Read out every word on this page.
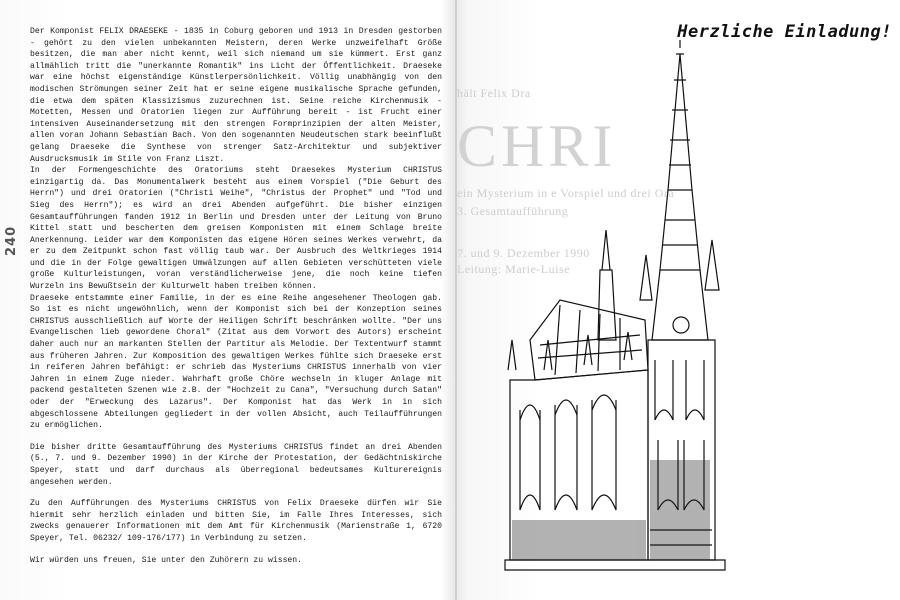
Der Komponist FELIX DRAESEKE - 1835 in Coburg geboren und 1913 in Dresden gestorben - gehört zu den vielen unbekannten Meistern, deren Werke unzweifelhaft Größe besitzen, die man aber nicht kennt, weil sich niemand um sie kümmert. Erst ganz allmählich tritt die "unerkannte Romantik" ins Licht der Öffentlichkeit. Draeseke war eine höchst eigenständige Künstlerpersönlichkeit. Völlig unabhängig von den modischen Strömungen seiner Zeit hat er seine eigene musikalische Sprache gefunden, die etwa dem späten Klassizismus zuzurechnen ist. Seine reiche Kirchenmusik - Motetten, Messen und Oratorien liegen zur Aufführung bereit - ist Frucht einer intensiven Auseinandersetzung mit den strengen Formprinzipien der alten Meister, allen voran Johann Sebastian Bach. Von den sogenannten Neudeutschen stark beeinflußt gelang Draeseke die Synthese von strenger Satz-Architektur und subjektiver Ausdrucksmusik im Stile von Franz Liszt.

In der Formengeschichte des Oratoriums steht Draesekes Mysterium CHRISTUS einzigartig da. Das Monumentalwerk besteht aus einem Vorspiel ("Die Geburt des Herrn") und drei Oratorien ("Christi Weihe", "Christus der Prophet" und "Tod und Sieg des Herrn"); es wird an drei Abenden aufgeführt. Die bisher einzigen Gesamtaufführungen fanden 1912 in Berlin und Dresden unter der Leitung von Bruno Kittel statt und bescherten dem greisen Komponisten mit einem Schlage breite Anerkennung. Leider war dem Komponisten das eigene Hören seines Werkes verwehrt, da er zu dem Zeitpunkt schon fast völlig taub war. Der Ausbruch des Weltkrieges 1914 und die in der Folge gewaltigen Umwälzungen auf allen Gebieten verschütteten viele große Kulturleistungen, voran verständlicherweise jene, die noch keine tiefen Wurzeln ins Bewußtsein der Kulturwelt haben treiben können.

Draeseke entstammte einer Familie, in der es eine Reihe angesehener Theologen gab. So ist es nicht ungewöhnlich, wenn der Komponist sich bei der Konzeption seines CHRISTUS ausschließlich auf Worte der Heiligen Schrift beschränken wollte. "Der uns Evangelischen lieb gewordene Choral" (Zitat aus dem Vorwort des Autors) erscheint daher auch nur an markanten Stellen der Partitur als Melodie. Der Textentwurf stammt aus früheren Jahren. Zur Komposition des gewaltigen Werkes fühlte sich Draeseke erst in reiferen Jahren befähigt: er schrieb das Mysteriums CHRISTUS innerhalb von vier Jahren in einem Zuge nieder. Wahrhaft große Chöre wechseln in kluger Anlage mit packend gestalteten Szenen wie z.B. der "Hochzeit zu Cana", "Versuchung durch Satan" oder der "Erweckung des Lazarus". Der Komponist hat das Werk in in sich abgeschlossene Abteilungen gegliedert in der vollen Absicht, auch Teilaufführungen zu ermöglichen.

Die bisher dritte Gesamtaufführung des Mysteriums CHRISTUS findet an drei Abenden (5., 7. und 9. Dezember 1990) in der Kirche der Protestation, der Gedächtniskirche Speyer, statt und darf durchaus als überregional bedeutsames Kulturereignis angesehen werden.

Zu den Aufführungen des Mysteriums CHRISTUS von Felix Draeseke dürfen wir Sie hiermit sehr herzlich einladen und bitten Sie, im Falle Ihres Interesses, sich zwecks genauerer Informationen mit dem Amt für Kirchenmusik (Marienstraße 1, 6720 Speyer, Tel. 06232/ 109-176/177) in Verbindung zu setzen.

Wir würden uns freuen, Sie unter den Zuhörern zu wissen.

240
CHRI
hält Felix Dra
ein Mysterium in e Vorspiel und drei Ora
3. Gesamtaufführung
7. und 9. Dezember 1990
Leitung: Marie-Luise
Herzliche Einladung!
